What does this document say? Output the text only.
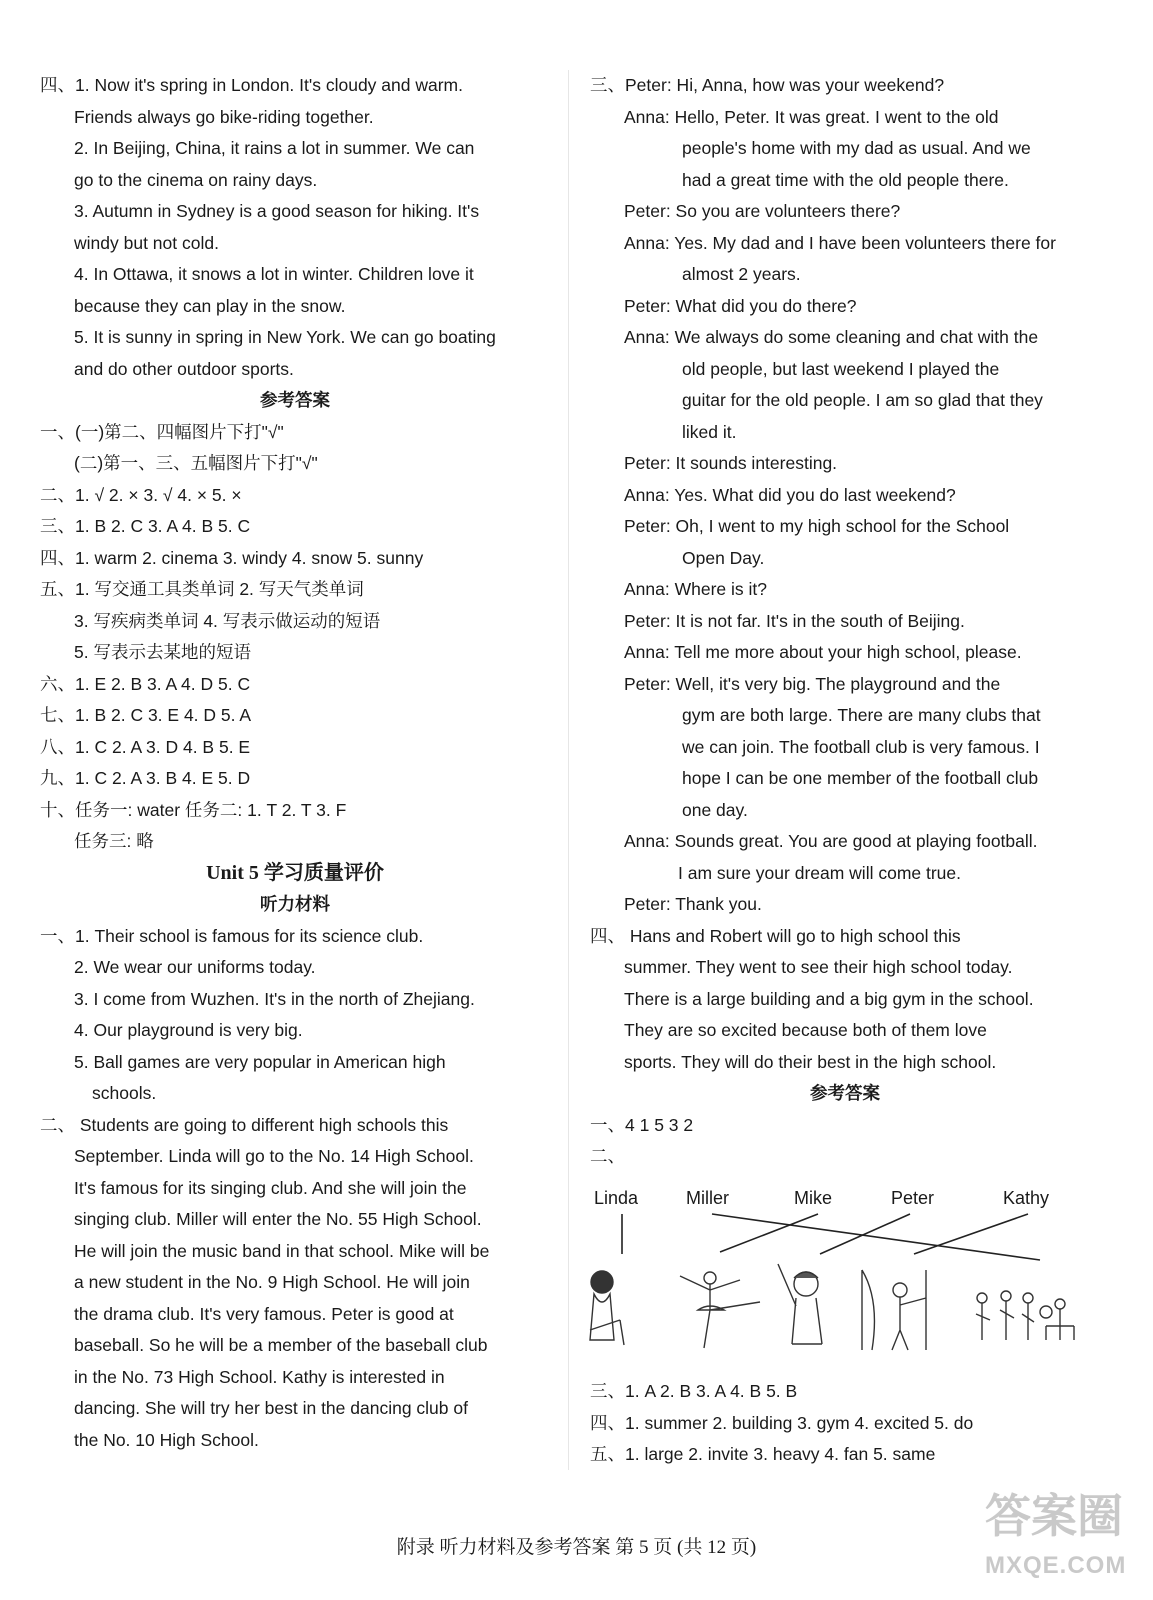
四、1. Now it's spring in London. It's cloudy and warm.
Friends always go bike-riding together.
2. In Beijing, China, it rains a lot in summer. We can
go to the cinema on rainy days.
3. Autumn in Sydney is a good season for hiking. It's
windy but not cold.
4. In Ottawa, it snows a lot in winter. Children love it
because they can play in the snow.
5. It is sunny in spring in New York. We can go boating
and do other outdoor sports.
参考答案
一、(一)第二、四幅图片下打"√"
(二)第一、三、五幅图片下打"√"
二、1. √ 2. × 3. √ 4. × 5. ×
三、1. B 2. C 3. A 4. B 5. C
四、1. warm 2. cinema 3. windy 4. snow 5. sunny
五、1. 写交通工具类单词 2. 写天气类单词
3. 写疾病类单词 4. 写表示做运动的短语
5. 写表示去某地的短语
六、1. E 2. B 3. A 4. D 5. C
七、1. B 2. C 3. E 4. D 5. A
八、1. C 2. A 3. D 4. B 5. E
九、1. C 2. A 3. B 4. E 5. D
十、任务一: water 任务二: 1. T 2. T 3. F
任务三: 略
Unit 5 学习质量评价
听力材料
一、1. Their school is famous for its science club.
2. We wear our uniforms today.
3. I come from Wuzhen. It's in the north of Zhejiang.
4. Our playground is very big.
5. Ball games are very popular in American high
schools.
二、 Students are going to different high schools this
September. Linda will go to the No. 14 High School.
It's famous for its singing club. And she will join the
singing club. Miller will enter the No. 55 High School.
He will join the music band in that school. Mike will be
a new student in the No. 9 High School. He will join
the drama club. It's very famous. Peter is good at
baseball. So he will be a member of the baseball club
in the No. 73 High School. Kathy is interested in
dancing. She will try her best in the dancing club of
the No. 10 High School.
三、Peter: Hi, Anna, how was your weekend?
Anna: Hello, Peter. It was great. I went to the old
people's home with my dad as usual. And we
had a great time with the old people there.
Peter: So you are volunteers there?
Anna: Yes. My dad and I have been volunteers there for
almost 2 years.
Peter: What did you do there?
Anna: We always do some cleaning and chat with the
old people, but last weekend I played the
guitar for the old people. I am so glad that they
liked it.
Peter: It sounds interesting.
Anna: Yes. What did you do last weekend?
Peter: Oh, I went to my high school for the School
Open Day.
Anna: Where is it?
Peter: It is not far. It's in the south of Beijing.
Anna: Tell me more about your high school, please.
Peter: Well, it's very big. The playground and the
gym are both large. There are many clubs that
we can join. The football club is very famous. I
hope I can be one member of the football club
one day.
Anna: Sounds great. You are good at playing football.
I am sure your dream will come true.
Peter: Thank you.
四、 Hans and Robert will go to high school this
summer. They went to see their high school today.
There is a large building and a big gym in the school.
They are so excited because both of them love
sports. They will do their best in the high school.
参考答案
一、4 1 5 3 2
二、
Linda	Miller	Mike	Peter	Kathy
三、1. A 2. B 3. A 4. B 5. B
四、1. summer 2. building 3. gym 4. excited 5. do
五、1. large 2. invite 3. heavy 4. fan 5. same
附录 听力材料及参考答案 第 5 页 (共 12 页)
答案圈
MXQE.COM
